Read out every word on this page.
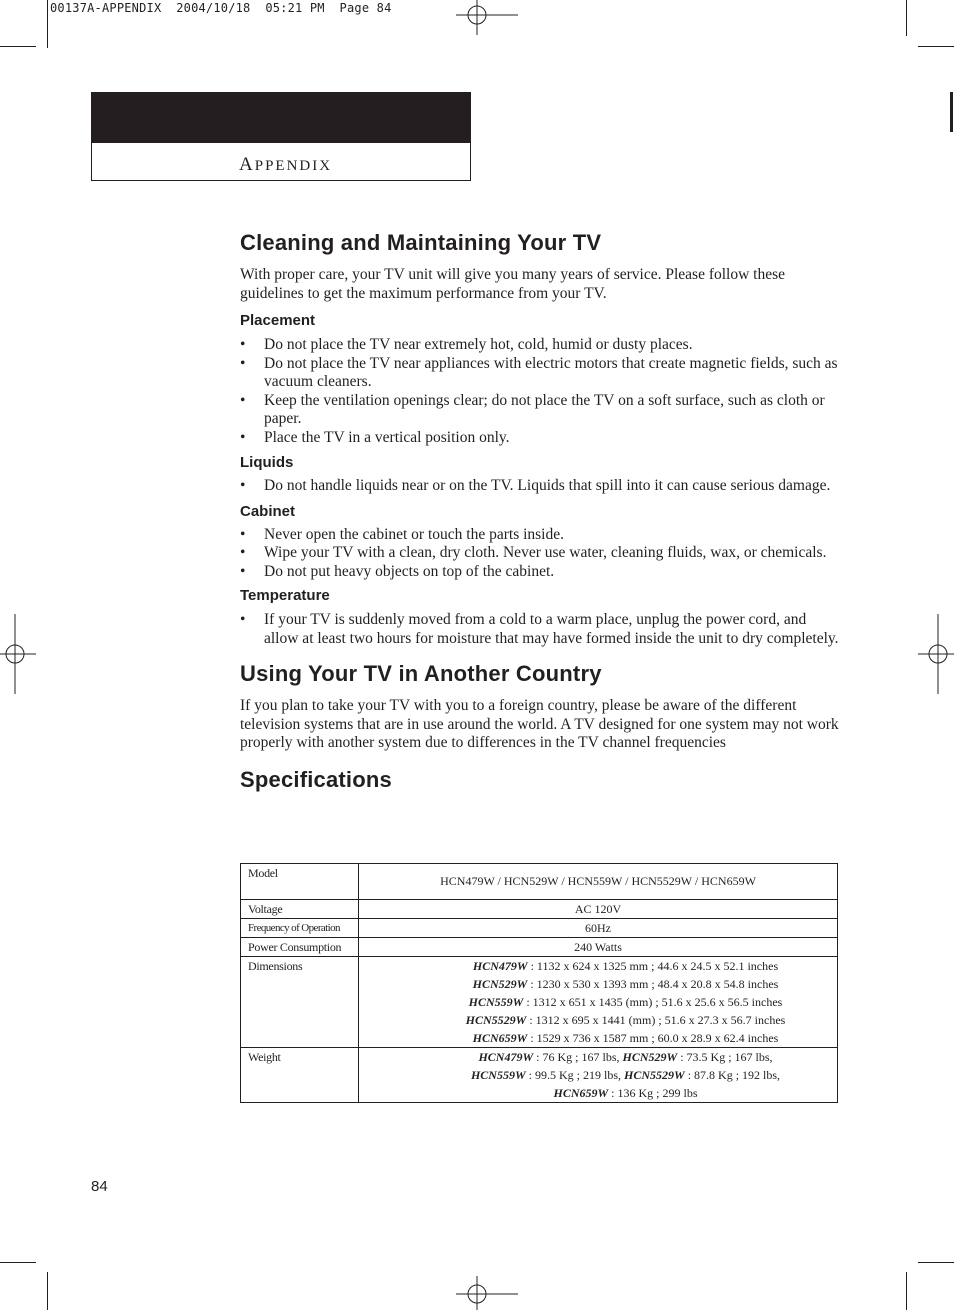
00137A-APPENDIX  2004/10/18  05:21 PM  Page 84
APPENDIX
Cleaning and Maintaining Your TV

With proper care, your TV unit will give you many years of service. Please follow these guidelines to get the maximum performance from your TV.

Placement
• Do not place the TV near extremely hot, cold, humid or dusty places.
• Do not place the TV near appliances with electric motors that create magnetic fields, such as vacuum cleaners.
• Keep the ventilation openings clear; do not place the TV on a soft surface, such as cloth or paper.
• Place the TV in a vertical position only.
Liquids
• Do not handle liquids near or on the TV. Liquids that spill into it can cause serious damage.
Cabinet
• Never open the cabinet or touch the parts inside.
• Wipe your TV with a clean, dry cloth. Never use water, cleaning fluids, wax, or chemicals.
• Do not put heavy objects on top of the cabinet.
Temperature
• If your TV is suddenly moved from a cold to a warm place, unplug the power cord, and allow at least two hours for moisture that may have formed inside the unit to dry completely.
Using Your TV in Another Country

If you plan to take your TV with you to a foreign country, please be aware of the different television systems that are in use around the world. A TV designed for one system may not work properly with another system due to differences in the TV channel frequencies

Specifications
Model	HCN479W / HCN529W / HCN559W / HCN5529W / HCN659W
Voltage	AC 120V
Frequency of Operation	60Hz
Power Consumption	240 Watts
Dimensions	HCN479W : 1132 x 624 x 1325 mm ; 44.6 x 24.5 x 52.1 inches
HCN529W : 1230 x 530 x 1393 mm ; 48.4 x 20.8 x 54.8 inches
HCN559W : 1312 x 651 x 1435 (mm) ; 51.6 x 25.6 x 56.5 inches
HCN5529W : 1312 x 695 x 1441 (mm) ; 51.6 x 27.3 x 56.7 inches
HCN659W : 1529 x 736 x 1587 mm ; 60.0 x 28.9 x 62.4 inches

Weight	HCN479W : 76 Kg ; 167 lbs, HCN529W : 73.5 Kg ; 167 lbs,
HCN559W : 99.5 Kg ; 219 lbs, HCN5529W : 87.8 Kg ; 192 lbs,
HCN659W : 136 Kg ; 299 lbs
84
